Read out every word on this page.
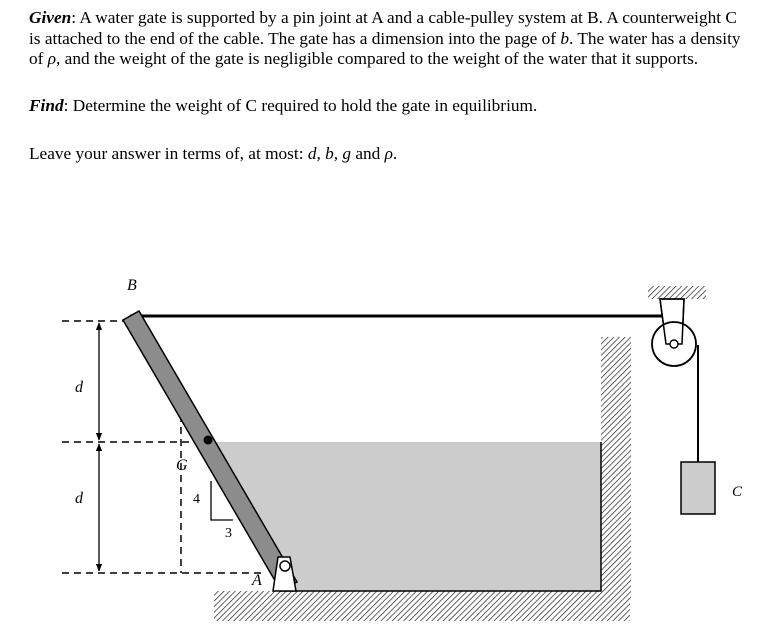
Given: A water gate is supported by a pin joint at A and a cable-pulley system at B. A counterweight C is attached to the end of the cable. The gate has a dimension into the page of b. The water has a density of ρ, and the weight of the gate is negligible compared to the weight of the water that it supports.

Find: Determine the weight of C required to hold the gate in equilibrium.

Leave your answer in terms of, at most: d, b, g and ρ.

B
G
A
C
d
d	4
3
